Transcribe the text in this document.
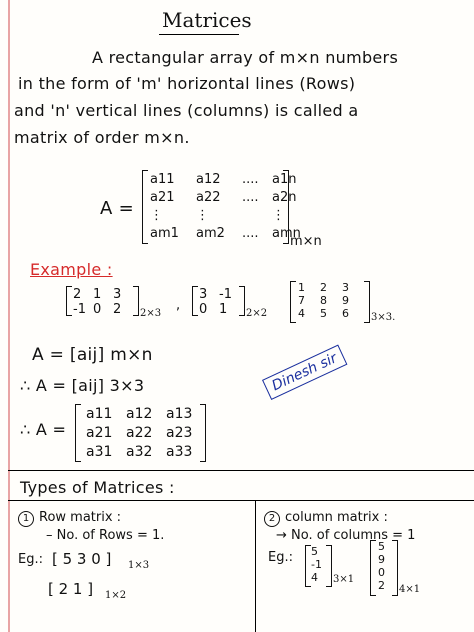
Matrices
A rectangular array of m×n numbers
in the form of 'm' horizontal lines (Rows)
and 'n' vertical lines (columns) is called a
matrix of order m×n.
A =
a11	a12	....	a1n
a21	a22	....	a2n
⋮	⋮	⋮
am1	am2	....	amn
m×n
Example :
2 1 3
-1 0 2	2×3
,
3 -1
0 1	2×2
1	2	3
7	8	9
4	5	6	3×3.
A = [aij] m×n
∴ A = [aij] 3×3
∴ A =
a11 a12 a13
a21 a22 a23
a31 a32 a33
Dinesh sir
Types of Matrices :
1 Row matrix :
– No. of Rows = 1.
Eg.: [ 5 3 0 ] 1×3
[ 2 1 ] 1×2
2 column matrix :
→ No. of columns = 1
Eg.: 5
-1
4	3×1
5
9
0
2	4×1
